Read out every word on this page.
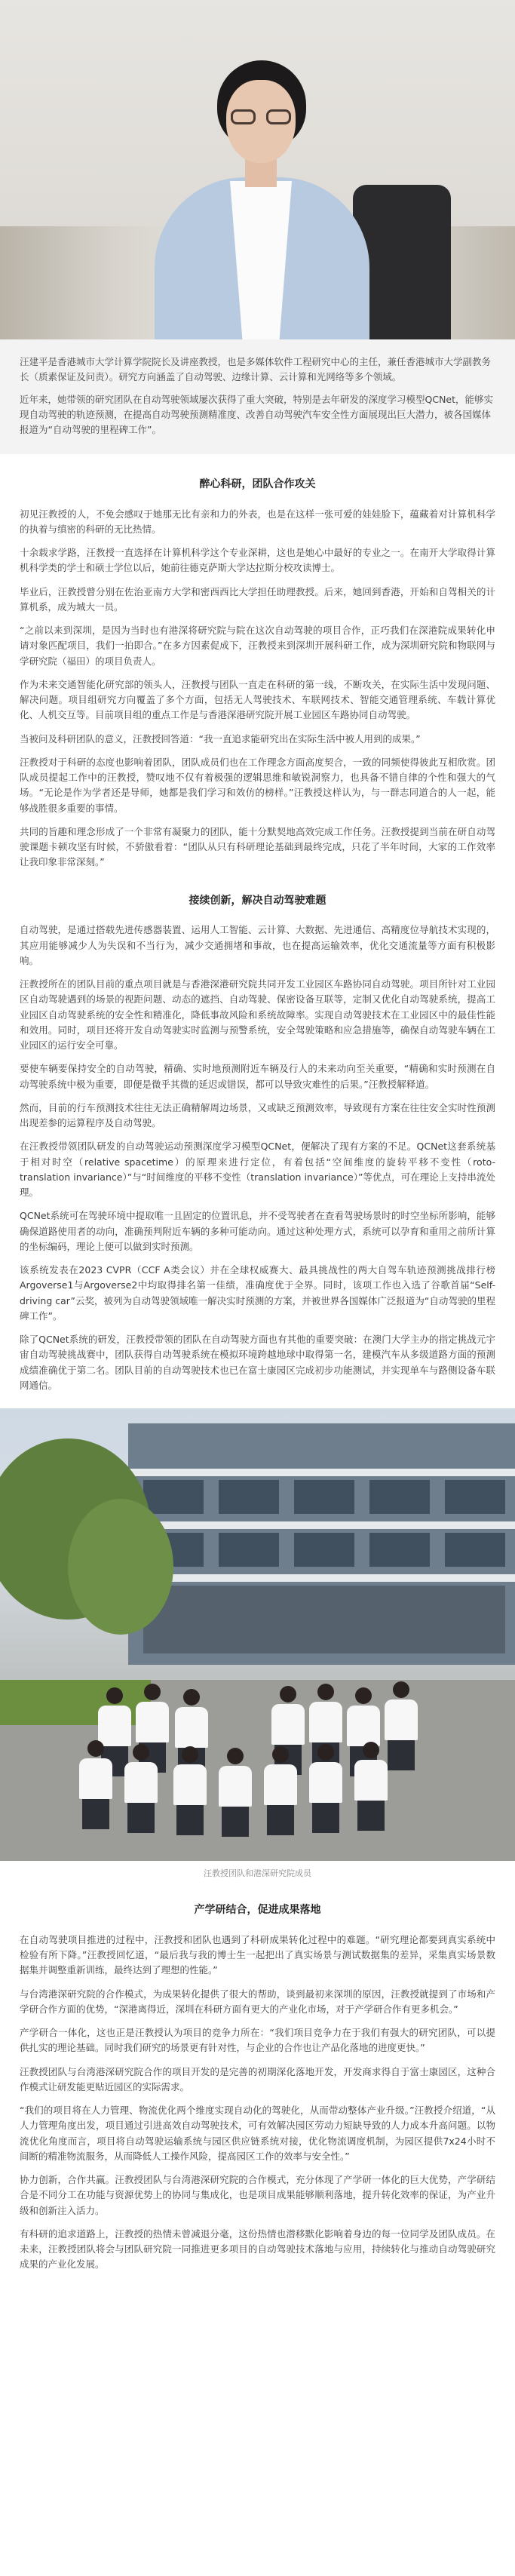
汪建平是香港城市大学计算学院院长及讲座教授，也是多媒体软件工程研究中心的主任，兼任香港城市大学副教务长（质素保证及问责）。研究方向涵盖了自动驾驶、边缘计算、云计算和光网络等多个领域。

近年来，她带领的研究团队在自动驾驶领域屡次获得了重大突破，特别是去年研发的深度学习模型QCNet，能够实现自动驾驶的轨迹预测，在提高自动驾驶预测精准度、改善自动驾驶汽车安全性方面展现出巨大潜力，被各国媒体报道为“自动驾驶的里程碑工作”。

醉心科研，团队合作攻关

初见汪教授的人，不免会感叹于她那无比有亲和力的外表，也是在这样一张可爱的娃娃脸下，蕴藏着对计算机科学的执着与缜密的科研的无比热情。

十余载求学路，汪教授一直选择在计算机科学这个专业深耕，这也是她心中最好的专业之一。在南开大学取得计算机科学类的学士和硕士学位以后，她前往德克萨斯大学达拉斯分校攻读博士。

毕业后，汪教授曾分别在佐治亚南方大学和密西西比大学担任助理教授。后来，她回到香港，开始和自驾相关的计算机系，成为城大一员。

“之前以来到深圳，是因为当时也有港深将研究院与院在这次自动驾驶的项目合作，正巧我们在深港院成果转化申请对象匹配项目，我们一拍即合。”在多方因素促成下，汪教授来到深圳开展科研工作，成为深圳研究院和物联网与学研究院（福田）的项目负责人。

作为未来交通智能化研究部的领头人，汪教授与团队一直走在科研的第一线，不断攻关，在实际生活中发现问题、解决问题。项目组研究方向覆盖了多个方面，包括无人驾驶技术、车联网技术、智能交通管理系统、车载计算优化、人机交互等。目前项目组的重点工作是与香港深港研究院开展工业园区车路协同自动驾驶。

当被问及科研团队的意义，汪教授回答道：“我一直追求能研究出在实际生活中被人用到的成果。”

汪教授对于科研的态度也影响着团队，团队成员们也在工作理念方面高度契合，一致的同频使得彼此互相欣赏。团队成员提起工作中的汪教授，赞叹地不仅有着极强的逻辑思维和敏锐洞察力，也具备不错自律的个性和强大的气场。“无论是作为学者还是导师，她都是我们学习和效仿的榜样。”汪教授这样认为，与一群志同道合的人一起，能够战胜很多重要的事情。

共同的旨趣和理念形成了一个非常有凝聚力的团队，能十分默契地高效完成工作任务。汪教授提到当前在研自动驾驶课题卡顿攻坚有时候，不骄傲看着：“团队从只有科研理论基础到最终完成，只花了半年时间，大家的工作效率让我印象非常深刻。”

接续创新，解决自动驾驶难题

自动驾驶，是通过搭载先进传感器装置、运用人工智能、云计算、大数据、先进通信、高精度位导航技术实现的，其应用能够减少人为失误和不当行为，减少交通拥堵和事故，也在提高运输效率，优化交通流量等方面有积极影响。

汪教授所在的团队目前的重点项目就是与香港深港研究院共同开发工业园区车路协同自动驾驶。项目所针对工业园区自动驾驶遇到的场景的视距问题、动态的遮挡、自动驾驶、保密设备互联等，定制又优化自动驾驶系统，提高工业园区自动驾驶系统的安全性和精准化，降低事故风险和系统故障率。实现自动驾驶技术在工业园区中的最佳性能和效用。同时，项目还将开发自动驾驶实时监测与预警系统，安全驾驶策略和应急措施等，确保自动驾驶车辆在工业园区的运行安全可靠。

要使车辆要保持安全的自动驾驶，精确、实时地预测附近车辆及行人的未来动向至关重要，“精确和实时预测在自动驾驶系统中极为重要，即便是微乎其微的延迟或错误，都可以导致灾难性的后果。”汪教授解释道。

然而，目前的行车预测技术往往无法正确精解周边场景，又或缺乏预测效率，导致现有方案在往往安全实时性预测出现差参的运算程序及自动驾驶。

在汪教授带领团队研发的自动驾驶运动预测深度学习模型QCNet，便解决了现有方案的不足。QCNet这套系统基于相对时空（relative spacetime）的原理来进行定位，有着包括“空间维度的旋转平移不变性（roto-translation invariance）”与“时间维度的平移不变性（translation invariance）”等优点，可在理论上支持串流处理。

QCNet系统可在驾驶环境中提取唯一且固定的位置讯息，并不受驾驶者在查看驾驶场景时的时空坐标所影响，能够确保道路使用者的动向，准确预判附近车辆的多种可能动向。通过这种处理方式，系统可以孕育和重用之前所计算的坐标编码，理论上便可以做到实时预测。

该系统发表在2023 CVPR（CCF A类会议）并在全球权威赛大、最具挑战性的两大自驾车轨迹预测挑战排行榜Argoverse1与Argoverse2中均取得排名第一佳绩，准确度优于全界。同时，该项工作也入选了谷歌首届“Self-driving car”云奖，被列为自动驾驶领域唯一解决实时预测的方案，并被世界各国媒体广泛报道为“自动驾驶的里程碑工作”。

除了QCNet系统的研发，汪教授带领的团队在自动驾驶方面也有其他的重要突破：在澳门大学主办的指定挑战元宇宙自动驾驶挑战赛中，团队获得自动驾驶系统在模拟环境跨越地球中取得第一名，建模汽车从多级道路方面的预测成绩准确优于第二名。团队目前的自动驾驶技术也已在富士康园区完成初步功能测试，并实现单车与路侧设备车联网通信。

汪教授团队和港深研究院成员
产学研结合，促进成果落地

在自动驾驶项目推进的过程中，汪教授和团队也遇到了科研成果转化过程中的难题。“研究理论都要到真实系统中检验有所下降。”汪教授回忆道，“最后我与我的博士生一起把出了真实场景与测试数据集的差异，采集真实场景数据集并调整重新训练，最终达到了理想的性能。”

与台湾港深研究院的合作模式，为成果转化提供了很大的帮助，谈到最初来深圳的原因，汪教授就提到了市场和产学研合作方面的优势，“深港离得近，深圳在科研方面有更大的产业化市场，对于产学研合作有更多机会。”

产学研合一体化，这也正是汪教授认为项目的竞争力所在：“我们项目竞争力在于我们有强大的研究团队，可以提供扎实的理论基础。同时我们研究的场景更有针对性，与企业的合作也让产品化落地的进度更快。”

汪教授团队与台湾港深研究院合作的项目开发的是完善的初期深化落地开发，开发商求得自于富士康园区，这种合作模式让研发能更贴近园区的实际需求。

“我们的项目将在人力管理、物流优化两个维度实现自动化的驾驶化，从而带动整体产业升级。”汪教授介绍道，“从人力管理角度出发，项目通过引进高效自动驾驶技术，可有效解决园区劳动力短缺导致的人力成本升高问题。以物流优化角度而言，项目将自动驾驶运输系统与园区供应链系统对接，优化物流调度机制，为园区提供7x24小时不间断的精准物流服务，从而降低人工操作风险，提高园区工作的效率与安全性。”

协力创新，合作共赢。汪教授团队与台湾港深研究院的合作模式，充分体现了产学研一体化的巨大优势，产学研结合是不同分工在功能与资源优势上的协同与集成化，也是项目成果能够顺利落地，提升转化效率的保证，为产业升级和创新注入活力。

有科研的追求道路上，汪教授的热情未曾减退分毫，这份热情也潜移默化影响着身边的每一位同学及团队成员。在未来，汪教授团队将会与团队研究院一同推进更多项目的自动驾驶技术落地与应用，持续转化与推动自动驾驶研究成果的产业化发展。
